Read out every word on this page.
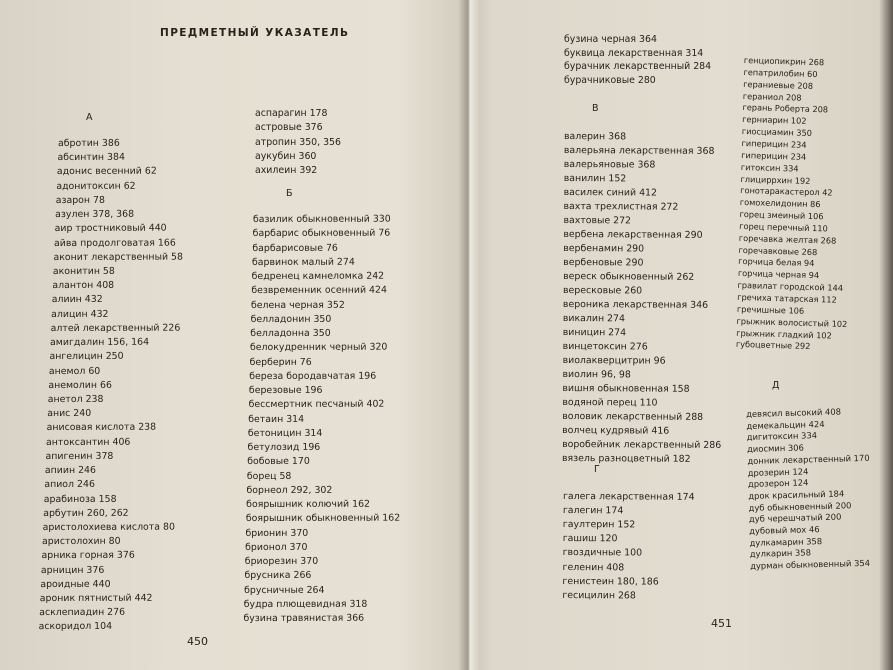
ПРЕДМЕТНЫЙ УКАЗАТЕЛЬ
А
абротин 386
абсинтин 384
адонис весенний 62
адонитоксин 62
азарон 78
азулен 378, 368
аир тростниковый 440
айва продолговатая 166
аконит лекарственный 58
аконитин 58
алантон 408
алиин 432
алицин 432
алтей лекарственный 226
амигдалин 156, 164
ангелицин 250
анемол 60
анемолин 66
анетол 238
анис 240
анисовая кислота 238
антоксантин 406
апигенин 378
апиин 246
апиол 246
арабиноза 158
арбутин 260, 262
аристолохиева кислота 80
аристолохин 80
арника горная 376
арницин 376
ароидные 440
ароник пятнистый 442
асклепиадин 276
аскоридол 104
аспарагин 178
астровые 376
атропин 350, 356
аукубин 360
ахилеин 392
Б
базилик обыкновенный 330
барбарис обыкновенный 76
барбарисовые 76
барвинок малый 274
бедренец камнеломка 242
безвременник осенний 424
белена черная 352
белладонин 350
белладонна 350
белокудренник черный 320
берберин 76
береза бородавчатая 196
березовые 196
бессмертник песчаный 402
бетаин 314
бетоницин 314
бетулозид 196
бобовые 170
борец 58
борнеол 292, 302
боярышник колючий 162
боярышник обыкновенный 162
брионин 370
брионол 370
бриорезин 370
брусника 266
брусничные 264
будра плющевидная 318
бузина травянистая 366
450
бузина черная 364
буквица лекарственная 314
бурачник лекарственный 284
бурачниковые 280
В
валерин 368
валерьяна лекарственная 368
валерьяновые 368
ванилин 152
василек синий 412
вахта трехлистная 272
вахтовые 272
вербена лекарственная 290
вербенамин 290
вербеновые 290
вереск обыкновенный 262
вересковые 260
вероника лекарственная 346
викалин 274
виницин 274
винцетоксин 276
виолакверцитрин 96
виолин 96, 98
вишня обыкновенная 158
водяной перец 110
воловик лекарственный 288
волчец кудрявый 416
воробейник лекарственный 286
вязель разноцветный 182
Г
галега лекарственная 174
галегин 174
гаултерин 152
гашиш 120
гвоздичные 100
геленин 408
генистеин 180, 186
гесицилин 268
генциопикрин 268
гепатрилобин 60
гераниевые 208
гераниол 208
герань Роберта 208
герниарин 102
гиосциамин 350
гиперицин 234
гиперицин 234
гитоксин 334
глициррхин 192
гонотаракастерол 42
гомохелидонин 86
горец змеиный 106
горец перечный 110
горечавка желтая 268
горечавковые 268
горчица белая 94
горчица черная 94
гравилат городской 144
гречиха татарская 112
гречишные 106
грыжник волосистый 102
грыжник гладкий 102
губоцветные 292
Д
девясил высокий 408
демекальцин 424
дигитоксин 334
диосмин 306
донник лекарственный 170
дрозерин 124
дрозерон 124
дрок красильный 184
дуб обыкновенный 200
дуб черешчатый 200
дубовый мох 46
дулкамарин 358
дулкарин 358
дурман обыкновенный 354
451
